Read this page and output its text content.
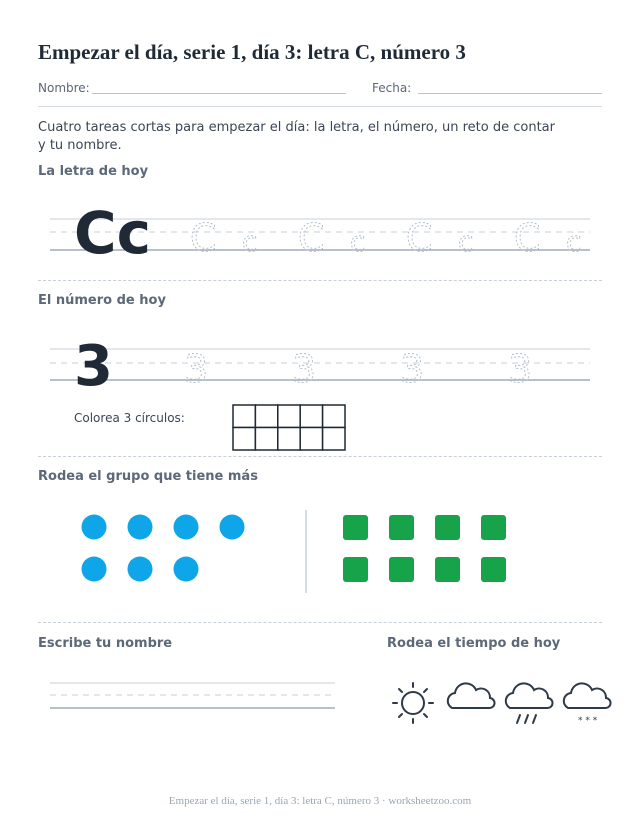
Empezar el día, serie 1, día 3: letra C, número 3
Nombre:	Fecha:
Cuatro tareas cortas para empezar el día: la letra, el número, un reto de contar y tu nombre.
La letra de hoy
Cc C c C c C c C c
El número de hoy
3 3 3 3 3
Colorea 3 círculos:
Rodea el grupo que tiene más
Escribe tu nombre	Rodea el tiempo de hoy
* * *
Empezar el día, serie 1, día 3: letra C, número 3 · worksheetzoo.com
